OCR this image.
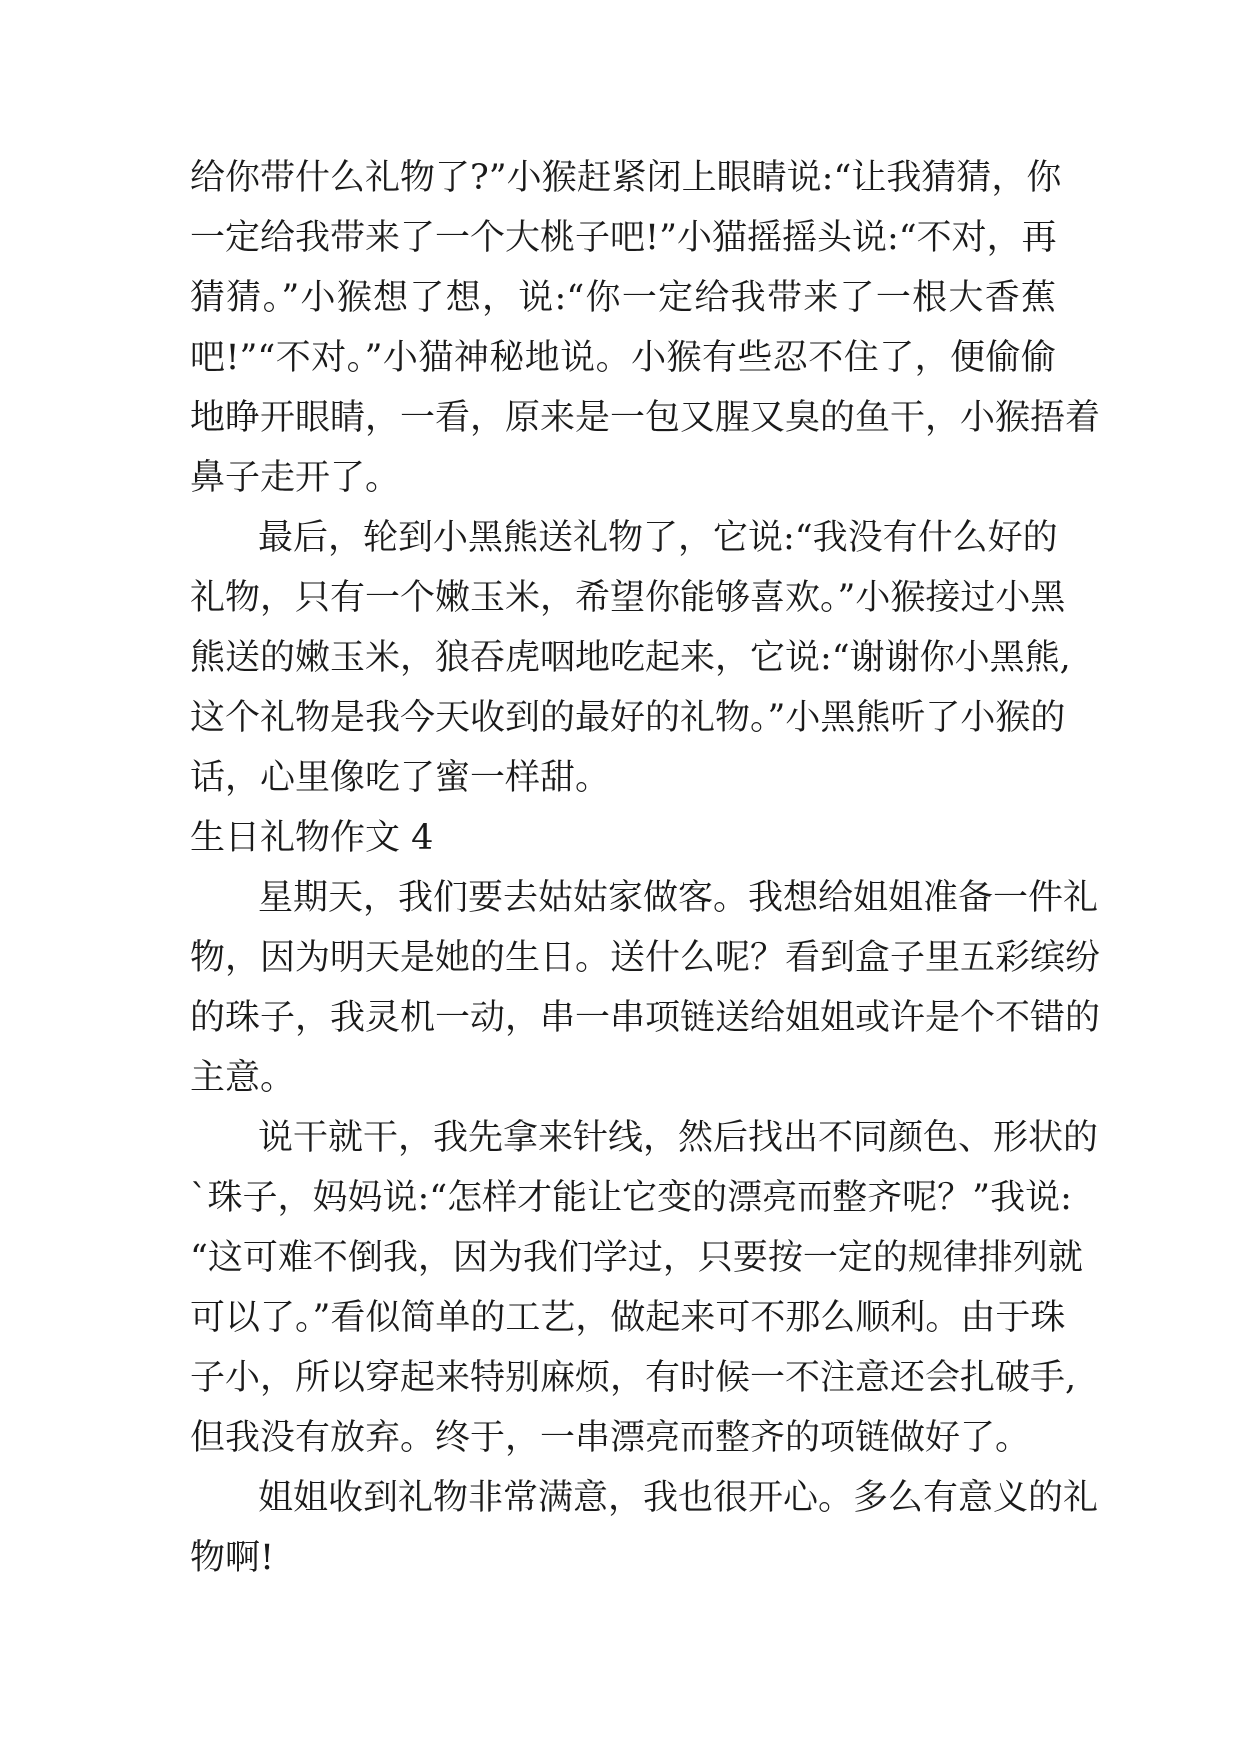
给你带什么礼物了?”小猴赶紧闭上眼睛说:“让我猜猜，你
一定给我带来了一个大桃子吧!”小猫摇摇头说:“不对，再
猜猜。”小猴想了想，说:“你一定给我带来了一根大香蕉
吧!”“不对。”小猫神秘地说。小猴有些忍不住了，便偷偷
地睁开眼睛，一看，原来是一包又腥又臭的鱼干，小猴捂着
鼻子走开了。
最后，轮到小黑熊送礼物了，它说:“我没有什么好的
礼物，只有一个嫩玉米，希望你能够喜欢。”小猴接过小黑
熊送的嫩玉米，狼吞虎咽地吃起来，它说:“谢谢你小黑熊,
这个礼物是我今天收到的最好的礼物。”小黑熊听了小猴的
话，心里像吃了蜜一样甜。
生日礼物作文 4
星期天，我们要去姑姑家做客。我想给姐姐准备一件礼
物，因为明天是她的生日。送什么呢？看到盒子里五彩缤纷
的珠子，我灵机一动，串一串项链送给姐姐或许是个不错的
主意。
说干就干，我先拿来针线，然后找出不同颜色、形状的
`珠子，妈妈说:“怎样才能让它变的漂亮而整齐呢？”我说:
“这可难不倒我，因为我们学过，只要按一定的规律排列就
可以了。”看似简单的工艺，做起来可不那么顺利。由于珠
子小，所以穿起来特别麻烦，有时候一不注意还会扎破手,
但我没有放弃。终于，一串漂亮而整齐的项链做好了。
姐姐收到礼物非常满意，我也很开心。多么有意义的礼
物啊!
